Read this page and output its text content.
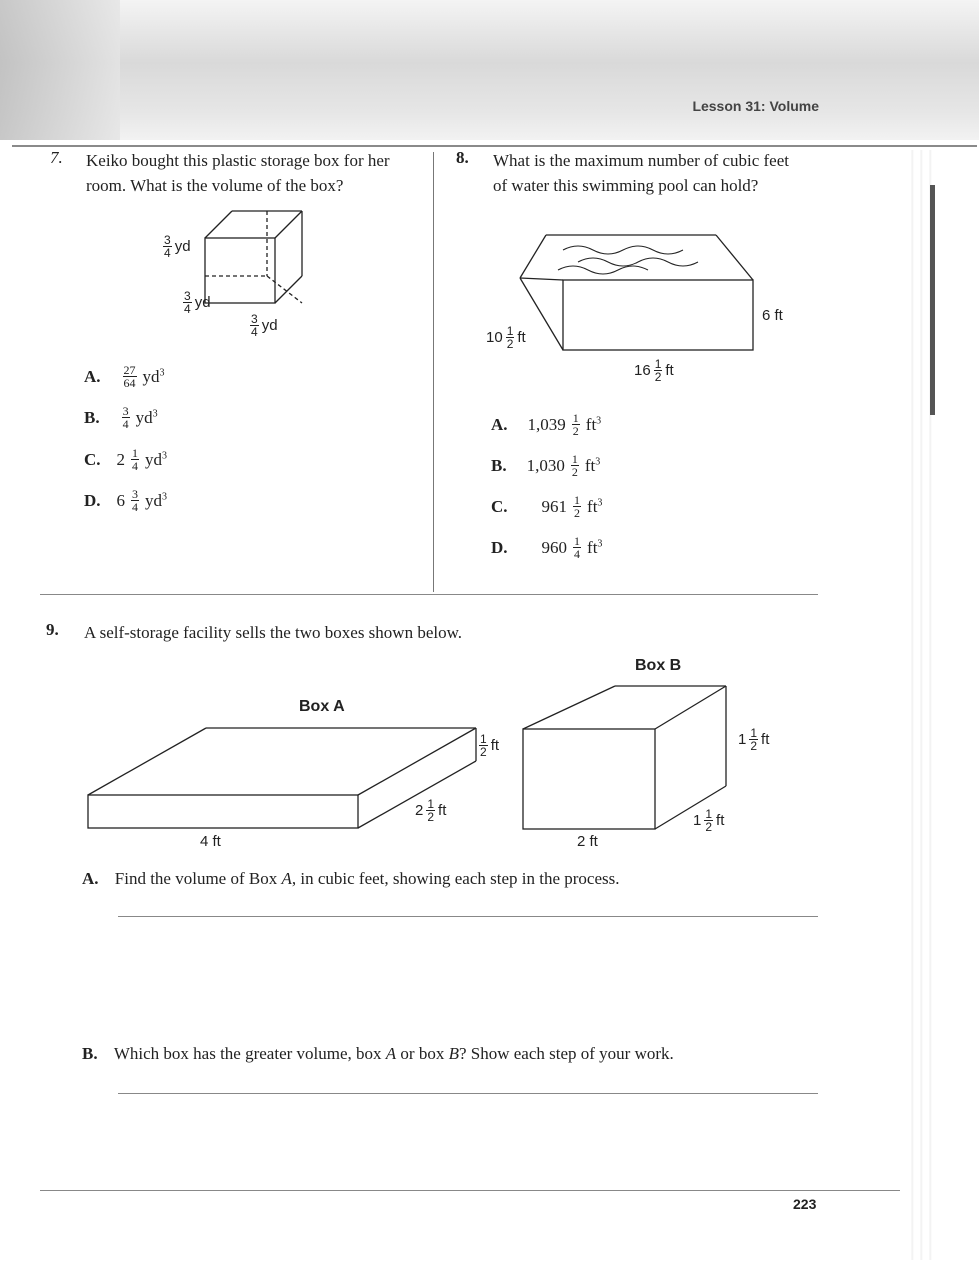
Lesson 31: Volume
7. Keiko bought this plastic storage box for her room. What is the volume of the box?
$\frac{3}{4}$ yd
$\frac{3}{4}$ yd
$\frac{3}{4}$ yd
A. $\frac{27}{64} yd^3$
B. $\frac{3}{4} yd^3$
C. $2 \frac{1}{4} yd^3$
D. $6 \frac{3}{4} yd^3$
8. What is the maximum number of cubic feet of water this swimming pool can hold?
6 ft
$10 \frac{1}{2}$ ft
$16 \frac{1}{2}$ ft
A. $1,039 \frac{1}{2} ft^3$
B. $1,030 \frac{1}{2} ft^3$
C. $961 \frac{1}{2} ft^3$
D. $960 \frac{1}{4} ft^3$
9. A self-storage facility sells the two boxes shown below.
Box A
Box B
4 ft
$\frac{1}{2}$ ft
$2 \frac{1}{2}$ ft
2 ft
$1 \frac{1}{2}$ ft
$1 \frac{1}{2}$ ft
A. Find the volume of Box A, in cubic feet, showing each step in the process.
B. Which box has the greater volume, box A or box B? Show each step of your work.
223
